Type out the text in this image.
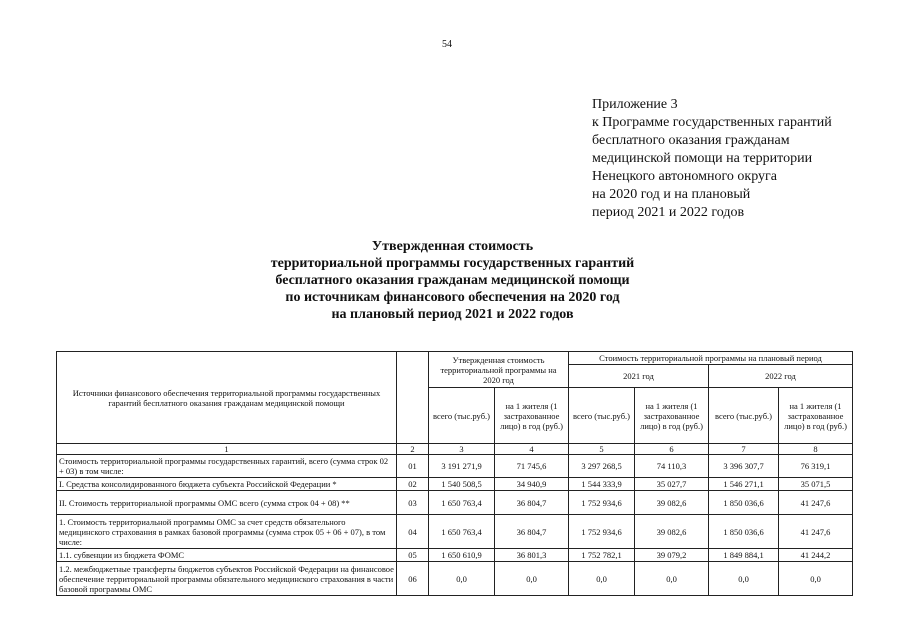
54
Приложение 3
к Программе государственных гарантий
бесплатного оказания гражданам
медицинской помощи на территории
Ненецкого автономного округа
на 2020 год и на плановый
период 2021 и 2022 годов
Утвержденная стоимость
территориальной программы государственных гарантий
бесплатного оказания гражданам медицинской помощи
по источникам финансового обеспечения на 2020 год
на плановый период 2021 и 2022 годов
Источники финансового обеспечения территориальной программы государственных гарантий бесплатного оказания гражданам медицинской помощи		Утвержденная стоимость территориальной программы на 2020 год		Стоимость территориальной программы на плановый период			
				2021 год		2022 год	
		всего (тыс.руб.)	на 1 жителя (1 застрахованное лицо) в год (руб.)	всего (тыс.руб.)	на 1 жителя (1 застрахованное лицо) в год (руб.)	всего (тыс.руб.)	на 1 жителя (1 застрахованное лицо) в год (руб.)
1	2	3	4	5	6	7	8
Стоимость территориальной программы государственных гарантий, всего (сумма строк 02 + 03) в том числе:	01	3 191 271,9	71 745,6	3 297 268,5	74 110,3	3 396 307,7	76 319,1
I. Средства консолидированного бюджета субъекта Российской Федерации *	02	1 540 508,5	34 940,9	1 544 333,9	35 027,7	1 546 271,1	35 071,5
II. Стоимость территориальной программы ОМС всего (сумма строк 04 + 08) **	03	1 650 763,4	36 804,7	1 752 934,6	39 082,6	1 850 036,6	41 247,6
1. Стоимость территориальной программы ОМС за счет средств обязательного медицинского страхования в рамках базовой программы (сумма строк 05 + 06 + 07), в том числе:	04	1 650 763,4	36 804,7	1 752 934,6	39 082,6	1 850 036,6	41 247,6
1.1. субвенции из бюджета ФОМС	05	1 650 610,9	36 801,3	1 752 782,1	39 079,2	1 849 884,1	41 244,2
1.2. межбюджетные трансферты бюджетов субъектов Российской Федерации на финансовое обеспечение территориальной программы обязательного медицинского страхования в части базовой программы ОМС	06	0,0	0,0	0,0	0,0	0,0	0,0
